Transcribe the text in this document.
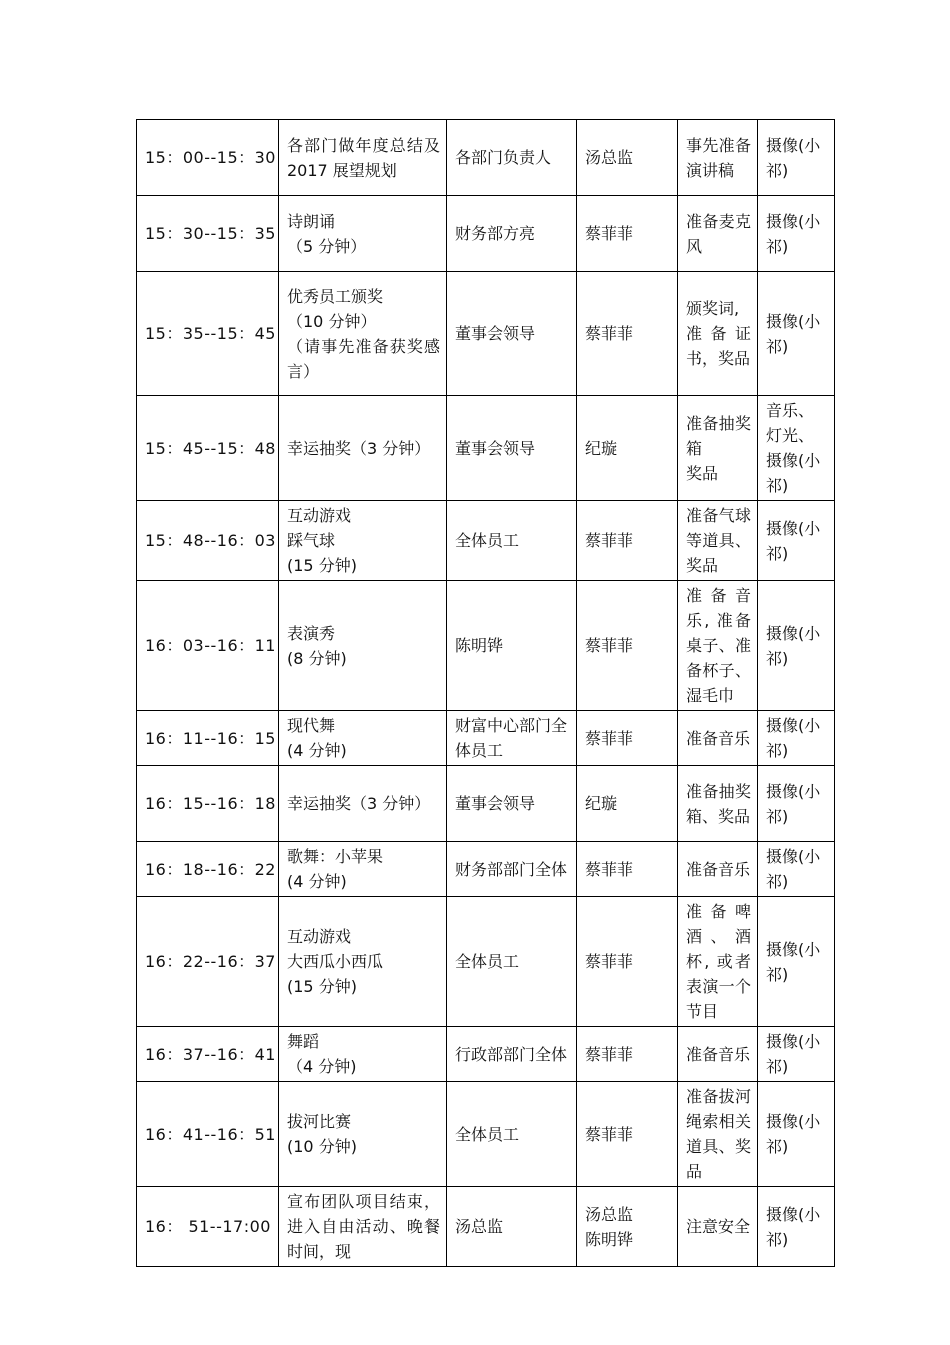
15：00--15：30	各部门做年度总结及 2017 展望规划	各部门负责人	汤总监	事先准备演讲稿	摄像(小祁)

15：30--15：35	诗朗诵
（5 分钟）	财务部方亮	蔡菲菲	准备麦克风	摄像(小祁)

15：35--15：45	优秀员工颁奖
（10 分钟）
（请事先准备获奖感言）	董事会领导	蔡菲菲	颁奖词,
准备证书，奖品	摄像(小祁)

15：45--15：48	幸运抽奖（3 分钟）	董事会领导	纪璇	准备抽奖箱
奖品	音乐、灯光、摄像(小祁)

15：48--16：03	互动游戏
踩气球
(15 分钟)	全体员工	蔡菲菲	准备气球等道具、奖品	摄像(小祁)

16：03--16：11	表演秀
(8 分钟)	陈明铧	蔡菲菲	准备音乐, 准备桌子、准备杯子、湿毛巾	摄像(小祁)

16：11--16：15	现代舞
(4 分钟)	财富中心部门全体员工	蔡菲菲	准备音乐	摄像(小祁)

16：15--16：18	幸运抽奖（3 分钟）	董事会领导	纪璇	准备抽奖箱、奖品	摄像(小祁)

16：18--16：22	歌舞：小苹果
(4 分钟)	财务部部门全体	蔡菲菲	准备音乐	摄像(小祁)

16：22--16：37	互动游戏
大西瓜小西瓜
(15 分钟)	全体员工	蔡菲菲	准备啤酒、酒杯, 或者表演一个节目	摄像(小祁)

16：37--16：41	舞蹈
（4 分钟)	行政部部门全体	蔡菲菲	准备音乐	摄像(小祁)

16：41--16：51	拔河比赛
(10 分钟)	全体员工	蔡菲菲	准备拔河绳索相关道具、奖品	摄像(小祁)

16： 51--17:00	宣布团队项目结束，进入自由活动、晚餐时间，现	汤总监	汤总监
陈明铧	注意安全	摄像(小祁)
